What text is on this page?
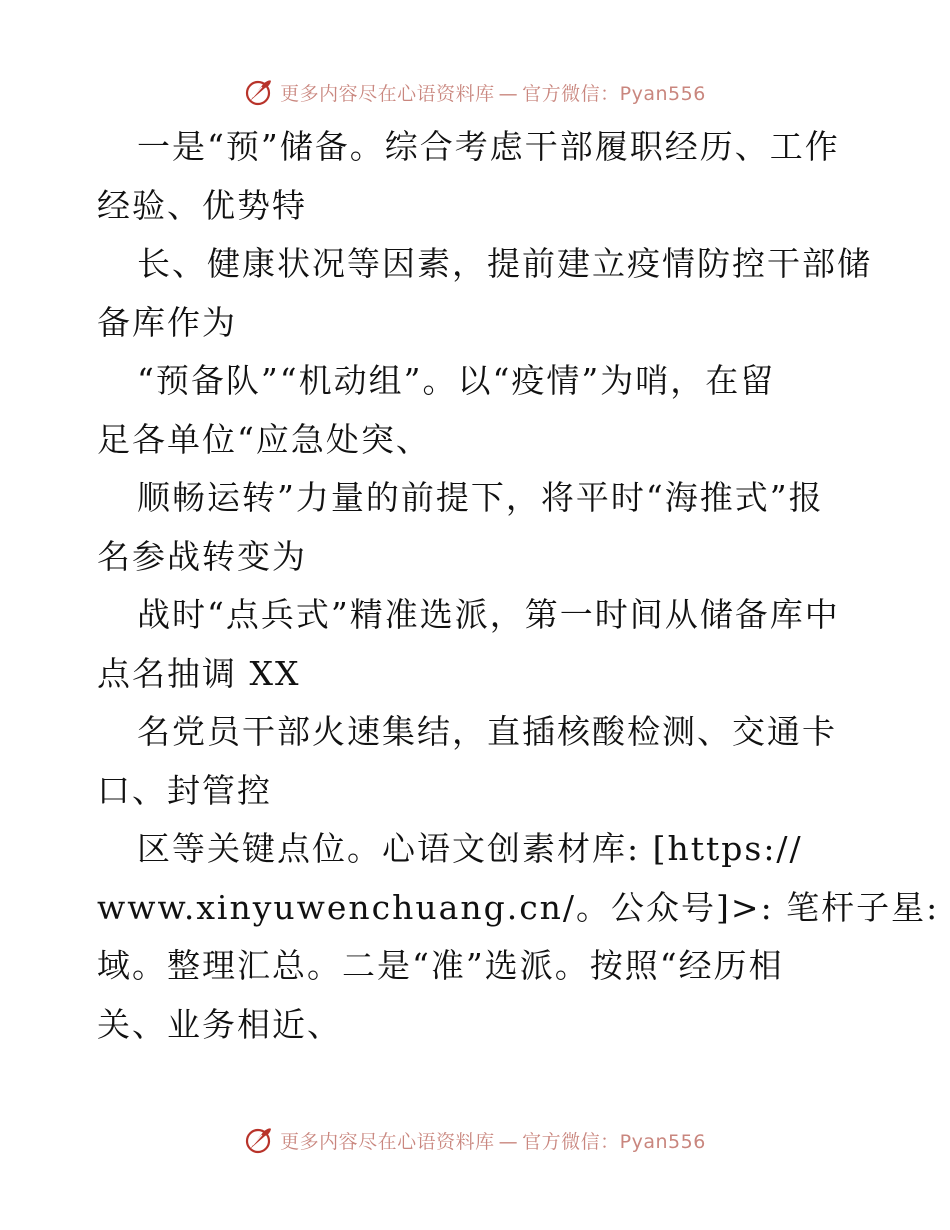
更多内容尽在心语资料库 — 官方微信：Pyan556
一是“预”储备。综合考虑干部履职经历、工作
经验、优势特
长、健康状况等因素，提前建立疫情防控干部储
备库作为
“预备队”“机动组”。以“疫情”为哨，在留
足各单位“应急处突、
顺畅运转”力量的前提下，将平时“海推式”报
名参战转变为
战时“点兵式”精准选派，第一时间从储备库中
点名抽调 XX
名党员干部火速集结，直插核酸检测、交通卡
口、封管控
区等关键点位。心语文创素材库: [https://
www.xinyuwenchuang.cn/。公众号]>: 笔杆子星:
域。整理汇总。二是“准”选派。按照“经历相
关、业务相近、
更多内容尽在心语资料库 — 官方微信：Pyan556
